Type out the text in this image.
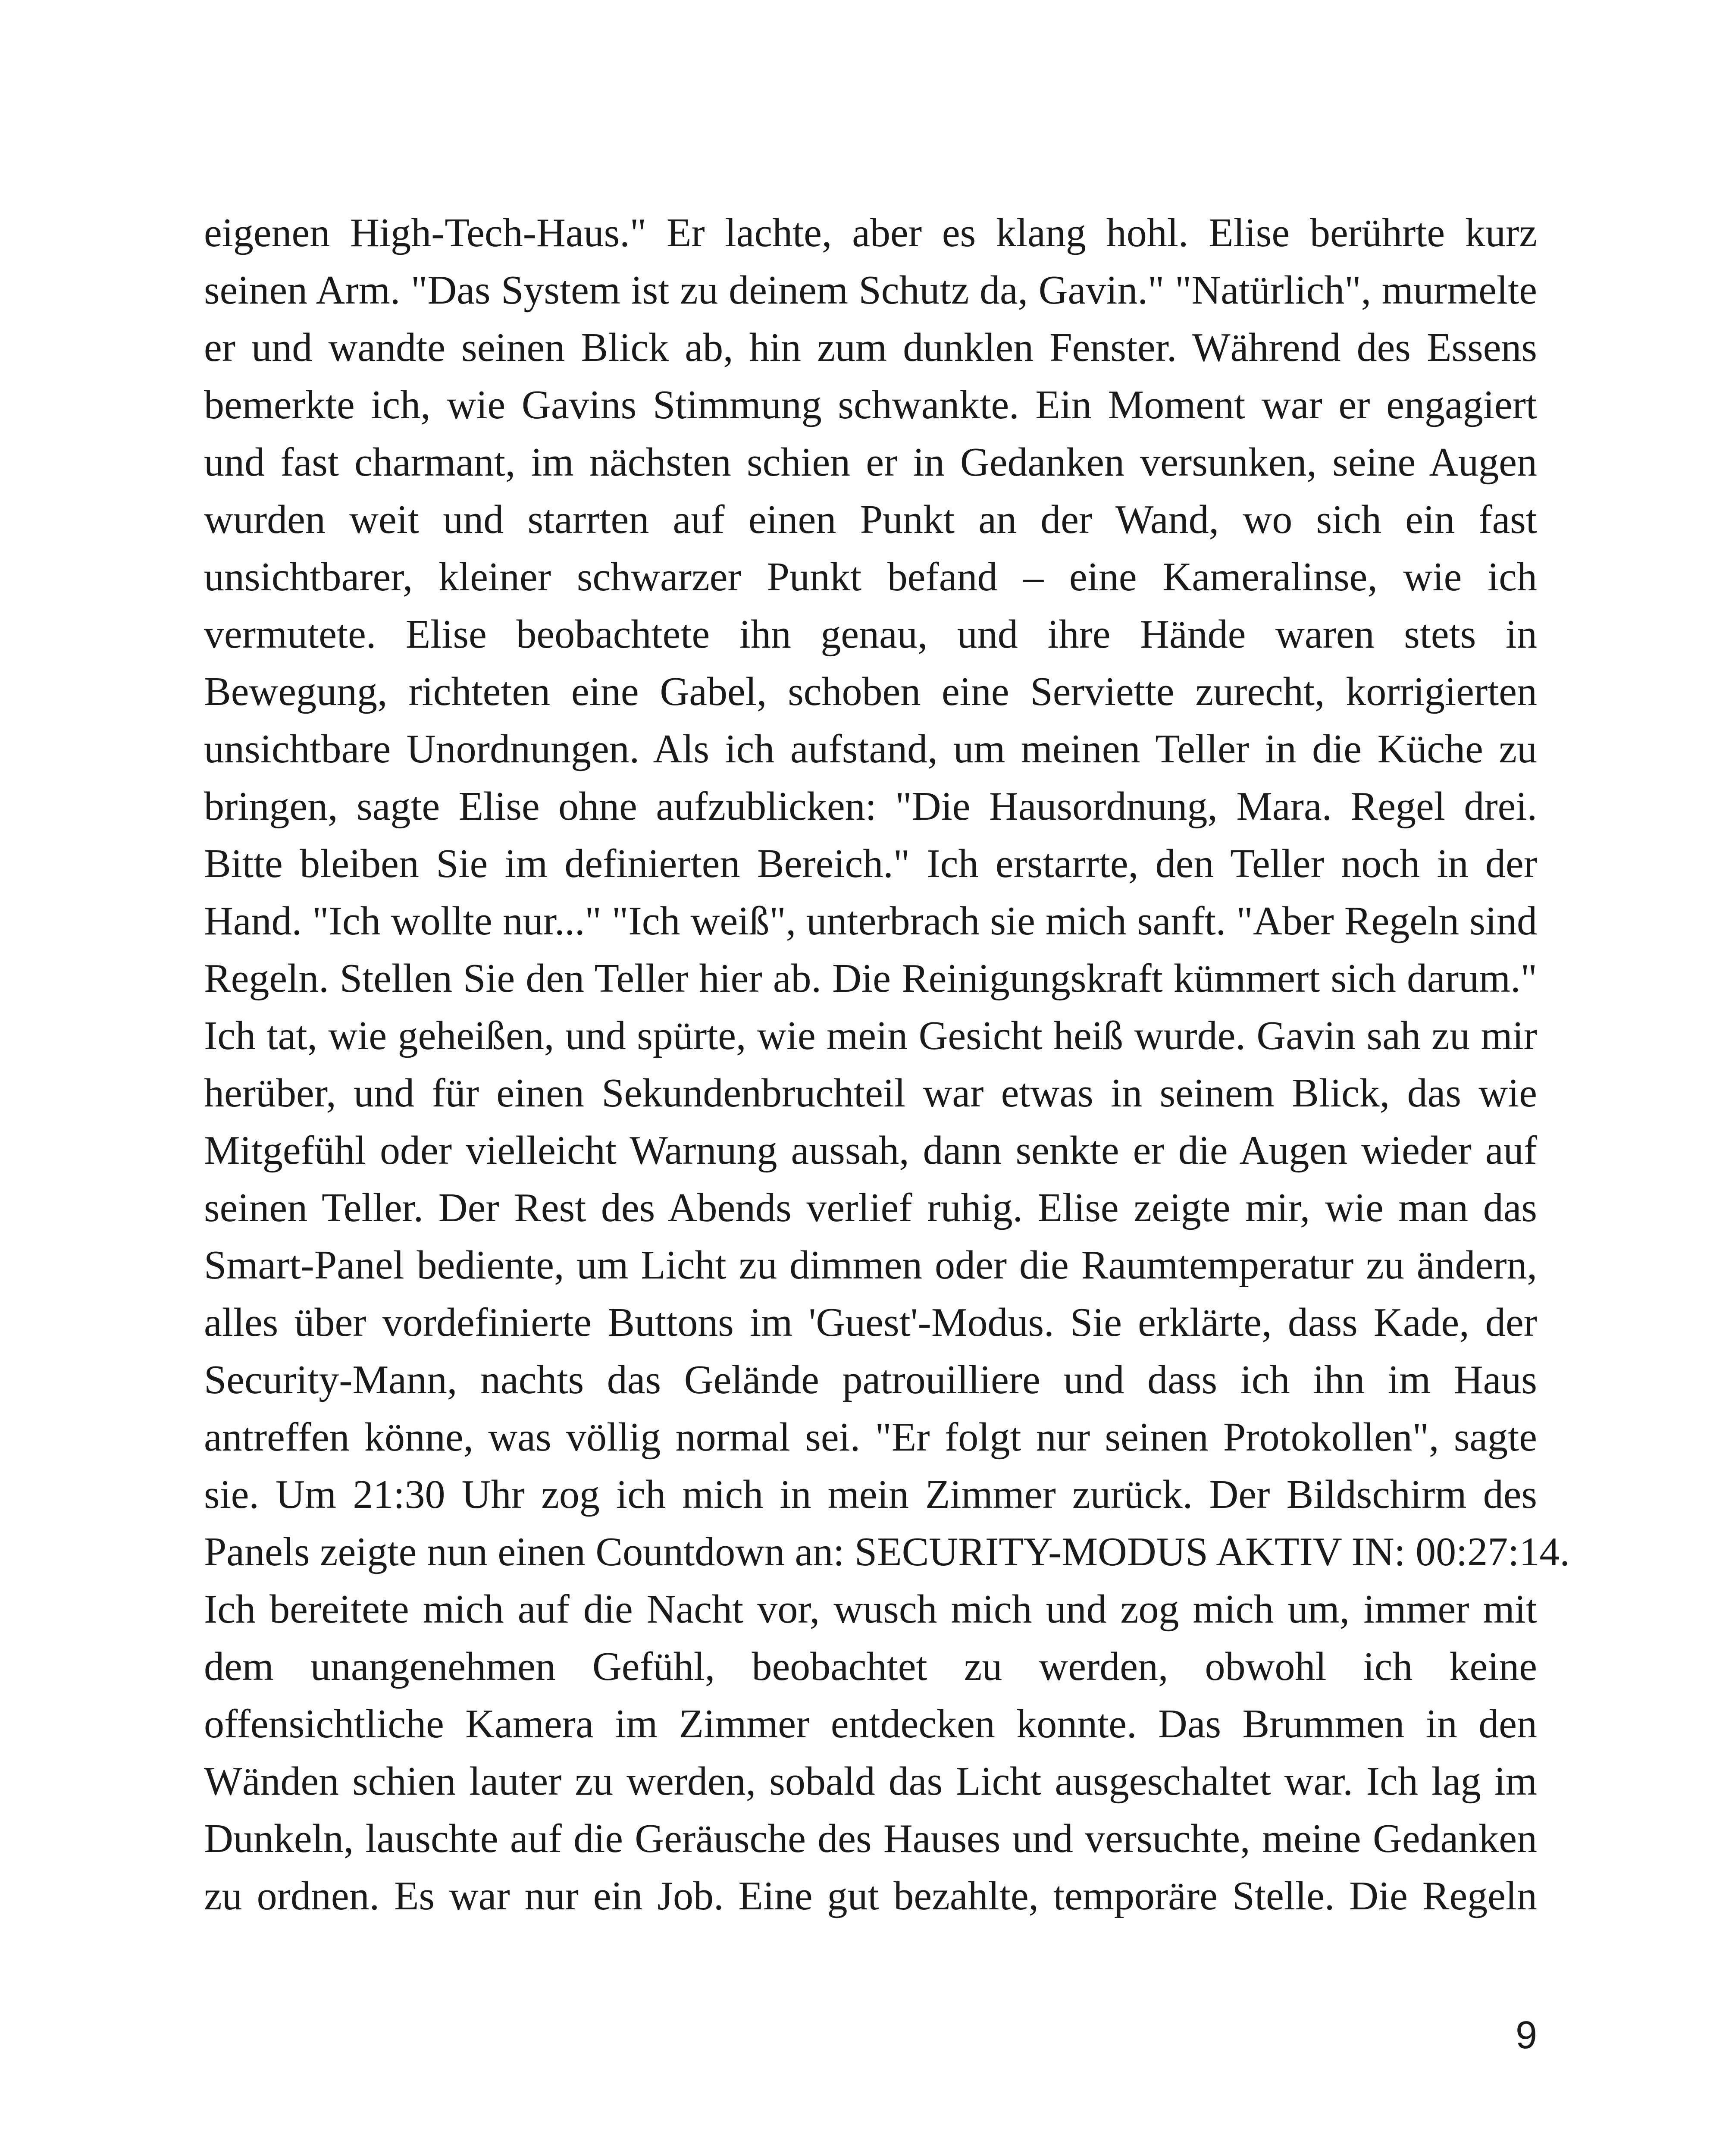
eigenen High-Tech-Haus." Er lachte, aber es klang hohl. Elise berührte kurz
seinen Arm. "Das System ist zu deinem Schutz da, Gavin." "Natürlich", murmelte
er und wandte seinen Blick ab, hin zum dunklen Fenster. Während des Essens
bemerkte ich, wie Gavins Stimmung schwankte. Ein Moment war er engagiert
und fast charmant, im nächsten schien er in Gedanken versunken, seine Augen
wurden weit und starrten auf einen Punkt an der Wand, wo sich ein fast
unsichtbarer, kleiner schwarzer Punkt befand – eine Kameralinse, wie ich
vermutete. Elise beobachtete ihn genau, und ihre Hände waren stets in
Bewegung, richteten eine Gabel, schoben eine Serviette zurecht, korrigierten
unsichtbare Unordnungen. Als ich aufstand, um meinen Teller in die Küche zu
bringen, sagte Elise ohne aufzublicken: "Die Hausordnung, Mara. Regel drei.
Bitte bleiben Sie im definierten Bereich." Ich erstarrte, den Teller noch in der
Hand. "Ich wollte nur..." "Ich weiß", unterbrach sie mich sanft. "Aber Regeln sind
Regeln. Stellen Sie den Teller hier ab. Die Reinigungskraft kümmert sich darum."
Ich tat, wie geheißen, und spürte, wie mein Gesicht heiß wurde. Gavin sah zu mir
herüber, und für einen Sekundenbruchteil war etwas in seinem Blick, das wie
Mitgefühl oder vielleicht Warnung aussah, dann senkte er die Augen wieder auf
seinen Teller. Der Rest des Abends verlief ruhig. Elise zeigte mir, wie man das
Smart-Panel bediente, um Licht zu dimmen oder die Raumtemperatur zu ändern,
alles über vordefinierte Buttons im 'Guest'-Modus. Sie erklärte, dass Kade, der
Security-Mann, nachts das Gelände patrouilliere und dass ich ihn im Haus
antreffen könne, was völlig normal sei. "Er folgt nur seinen Protokollen", sagte
sie. Um 21:30 Uhr zog ich mich in mein Zimmer zurück. Der Bildschirm des
Panels zeigte nun einen Countdown an: SECURITY-MODUS AKTIV IN: 00:27:14.
Ich bereitete mich auf die Nacht vor, wusch mich und zog mich um, immer mit
dem unangenehmen Gefühl, beobachtet zu werden, obwohl ich keine
offensichtliche Kamera im Zimmer entdecken konnte. Das Brummen in den
Wänden schien lauter zu werden, sobald das Licht ausgeschaltet war. Ich lag im
Dunkeln, lauschte auf die Geräusche des Hauses und versuchte, meine Gedanken
zu ordnen. Es war nur ein Job. Eine gut bezahlte, temporäre Stelle. Die Regeln
9
